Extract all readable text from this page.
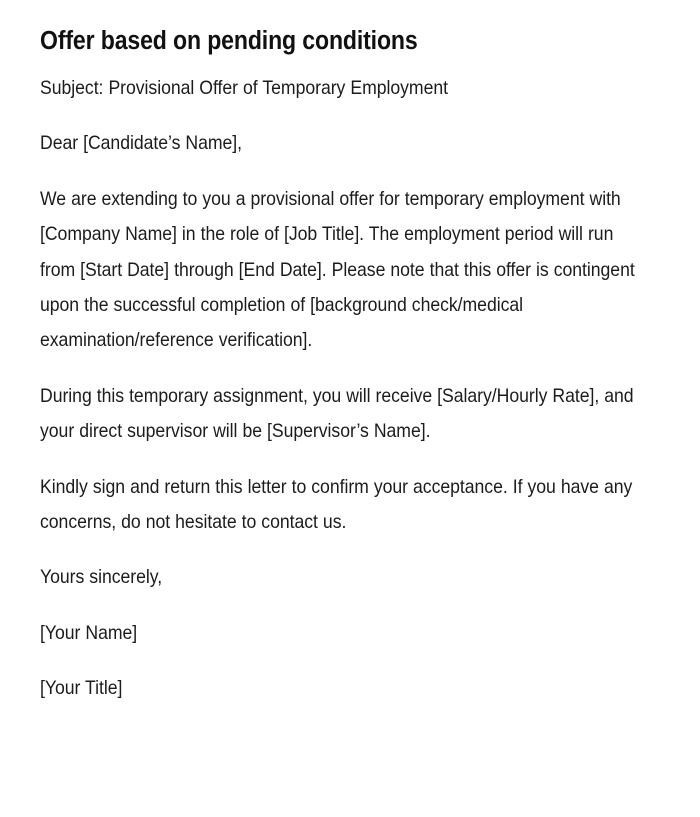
Offer based on pending conditions

Subject: Provisional Offer of Temporary Employment

Dear [Candidate’s Name],

We are extending to you a provisional offer for temporary employment with [Company Name] in the role of [Job Title]. The employment period will run from [Start Date] through [End Date]. Please note that this offer is contingent upon the successful completion of [background check/medical examination/reference verification].

During this temporary assignment, you will receive [Salary/Hourly Rate], and your direct supervisor will be [Supervisor’s Name].

Kindly sign and return this letter to confirm your acceptance. If you have any concerns, do not hesitate to contact us.

Yours sincerely,

[Your Name]

[Your Title]
